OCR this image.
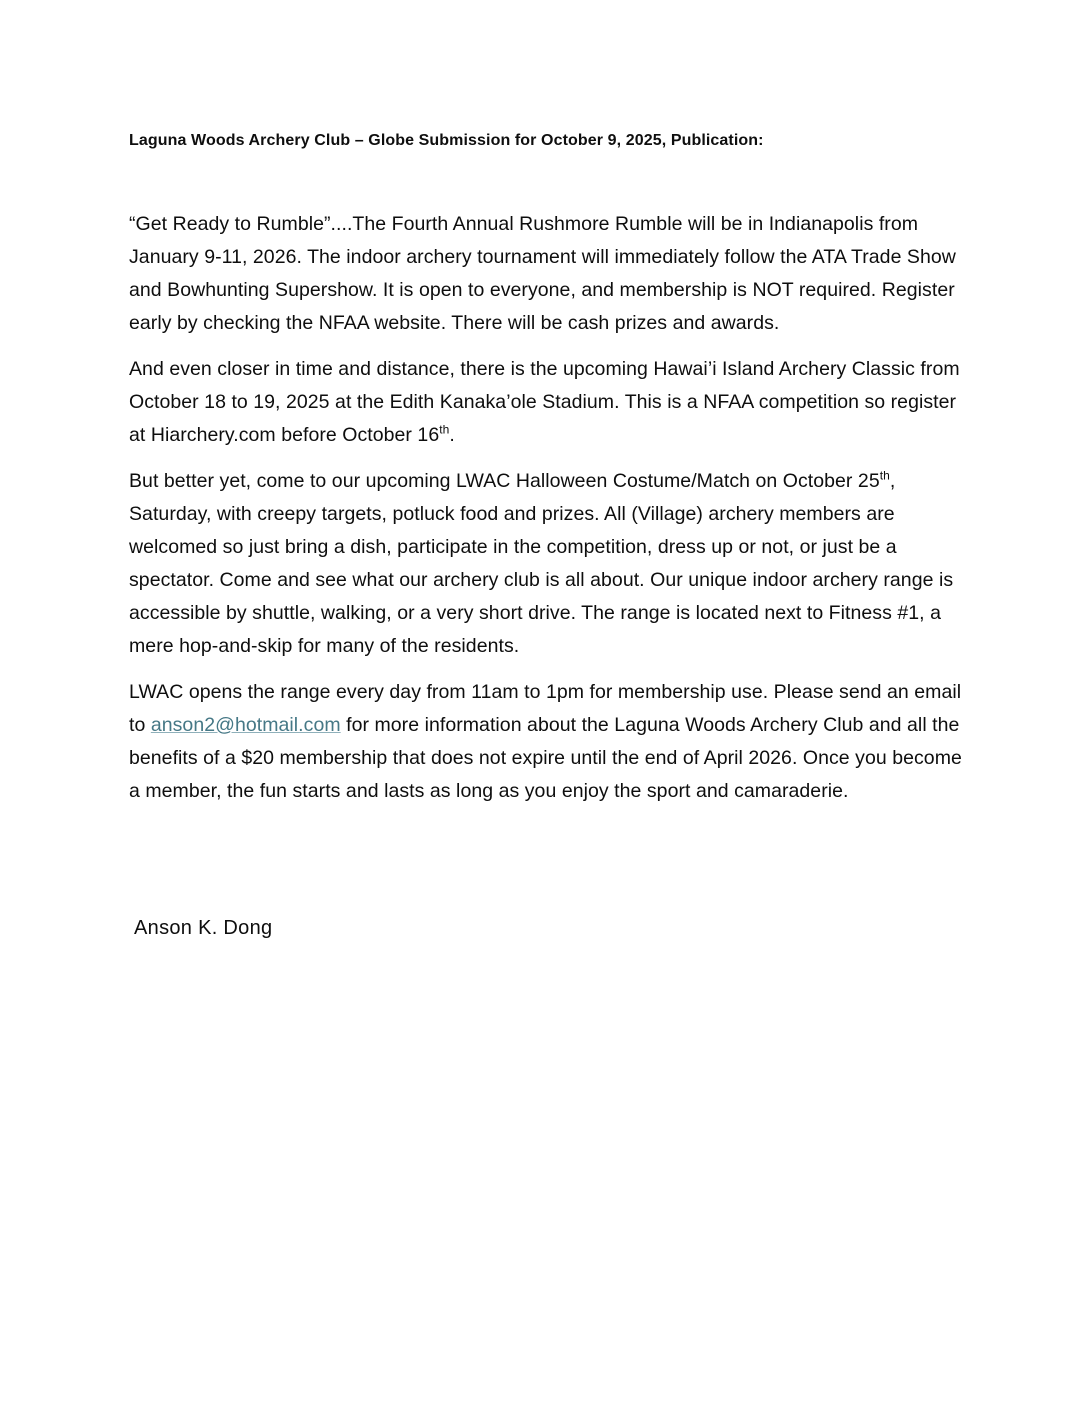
Laguna Woods Archery Club – Globe Submission for October 9, 2025, Publication:

“Get Ready to Rumble”....The Fourth Annual Rushmore Rumble will be in Indianapolis from January 9-11, 2026. The indoor archery tournament will immediately follow the ATA Trade Show and Bowhunting Supershow. It is open to everyone, and membership is NOT required. Register early by checking the NFAA website. There will be cash prizes and awards.

And even closer in time and distance, there is the upcoming Hawai’i Island Archery Classic from October 18 to 19, 2025 at the Edith Kanaka’ole Stadium. This is a NFAA competition so register at Hiarchery.com before October 16th.

But better yet, come to our upcoming LWAC Halloween Costume/Match on October 25th, Saturday, with creepy targets, potluck food and prizes. All (Village) archery members are welcomed so just bring a dish, participate in the competition, dress up or not, or just be a spectator. Come and see what our archery club is all about. Our unique indoor archery range is accessible by shuttle, walking, or a very short drive. The range is located next to Fitness #1, a mere hop-and-skip for many of the residents.

LWAC opens the range every day from 11am to 1pm for membership use. Please send an email to anson2@hotmail.com for more information about the Laguna Woods Archery Club and all the benefits of a $20 membership that does not expire until the end of April 2026. Once you become a member, the fun starts and lasts as long as you enjoy the sport and camaraderie.

Anson K. Dong
